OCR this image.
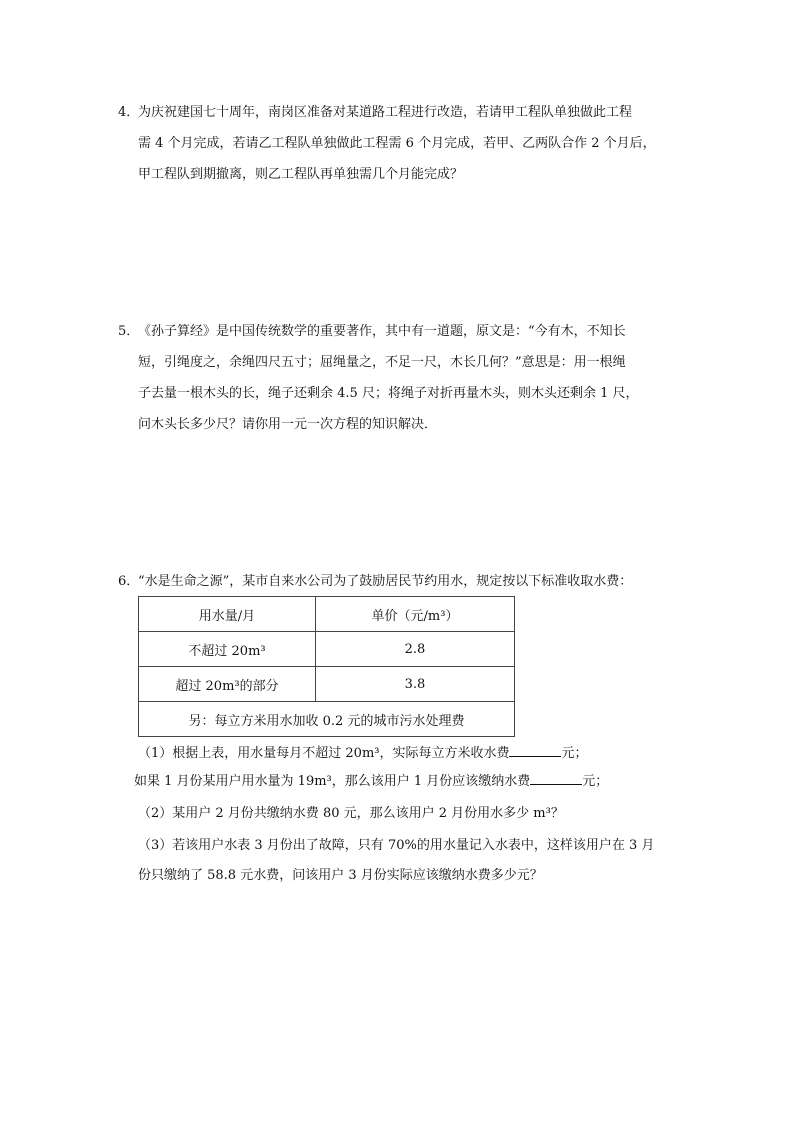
4．为庆祝建国七十周年，南岗区准备对某道路工程进行改造，若请甲工程队单独做此工程
需 4 个月完成，若请乙工程队单独做此工程需 6 个月完成，若甲、乙两队合作 2 个月后，
甲工程队到期撤离，则乙工程队再单独需几个月能完成？
5．《孙子算经》是中国传统数学的重要著作，其中有一道题，原文是：“今有木，不知长
短，引绳度之，余绳四尺五寸；屈绳量之，不足一尺，木长几何？”意思是：用一根绳
子去量一根木头的长，绳子还剩余 4.5 尺；将绳子对折再量木头，则木头还剩余 1 尺，
问木头长多少尺？请你用一元一次方程的知识解决．
6．“水是生命之源”，某市自来水公司为了鼓励居民节约用水，规定按以下标准收取水费：
用水量/月	单价（元/m³）
不超过 20m³	2.8
超过 20m³的部分	3.8
另：每立方米用水加收 0.2 元的城市污水处理费	
（1）根据上表，用水量每月不超过 20m³，实际每立方米收水费	元；
如果 1 月份某用户用水量为 19m³，那么该用户 1 月份应该缴纳水费	元；
（2）某用户 2 月份共缴纳水费 80 元，那么该用户 2 月份用水多少 m³？
（3）若该用户水表 3 月份出了故障，只有 70%的用水量记入水表中，这样该用户在 3 月
份只缴纳了 58.8 元水费，问该用户 3 月份实际应该缴纳水费多少元？
